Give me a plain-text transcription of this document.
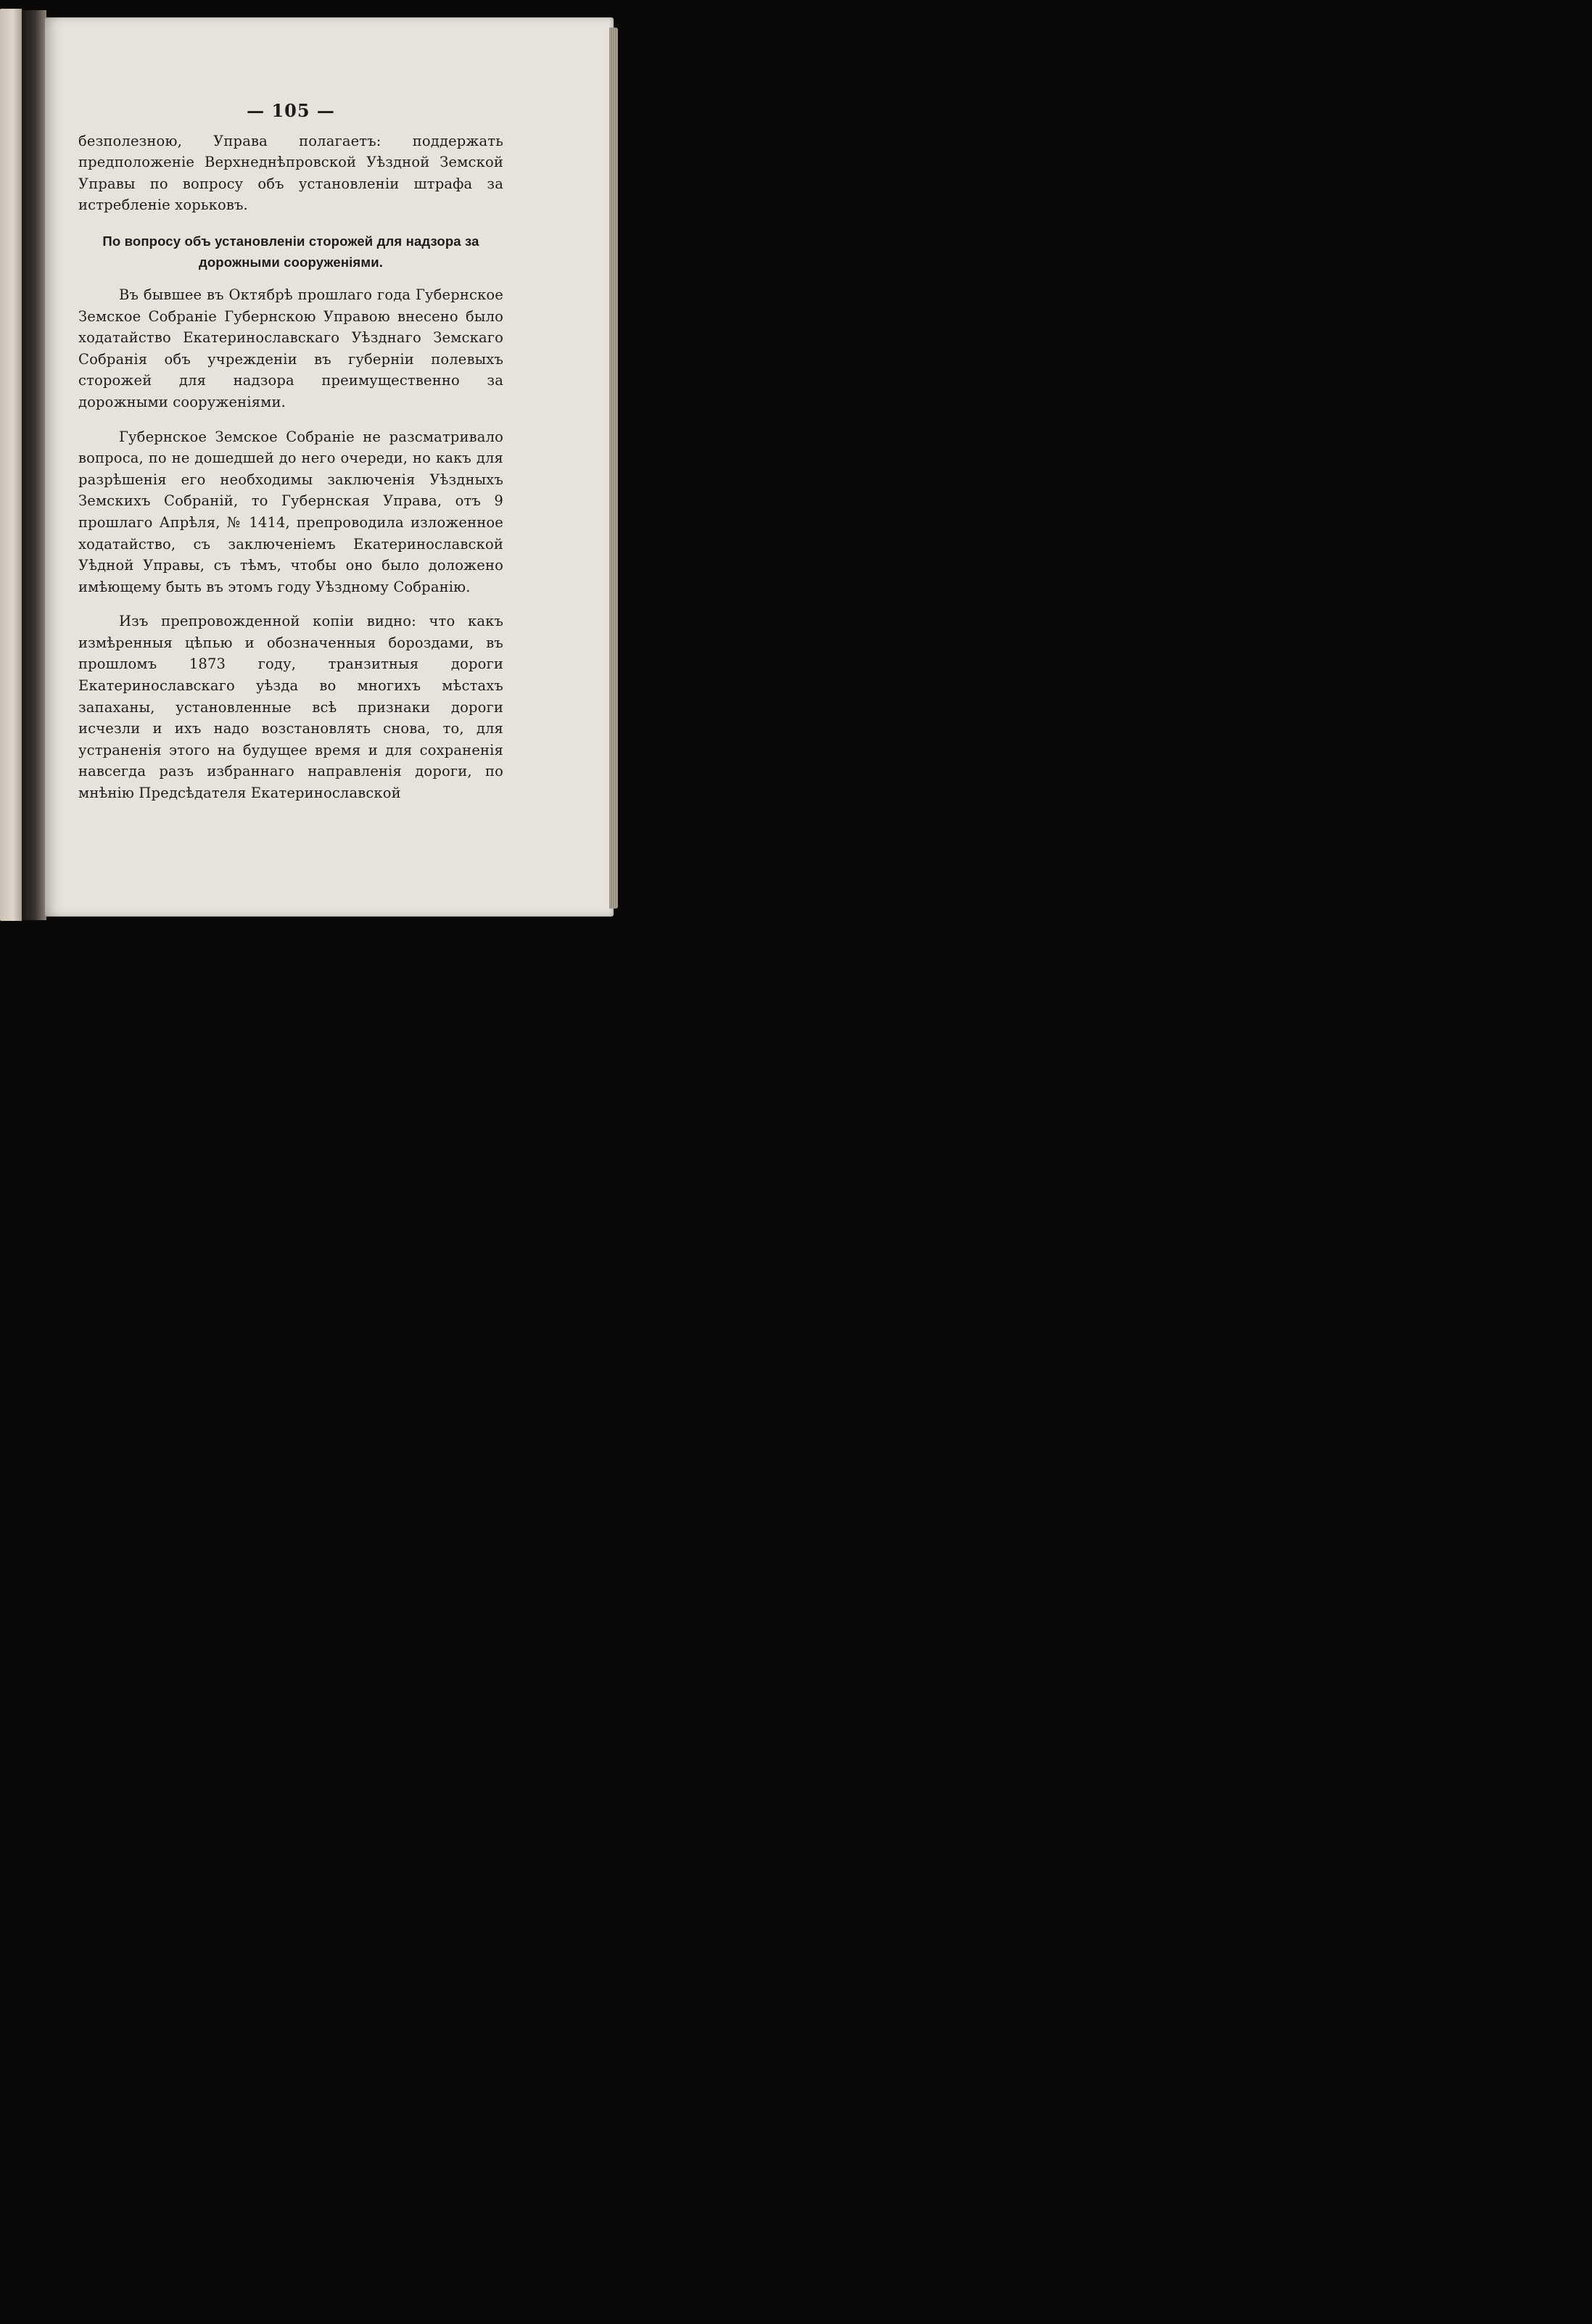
— 105 —

безполезною, Управа полагаетъ: поддержать предположеніе Верхнеднѣпровской Уѣздной Земской Управы по вопросу объ установленіи штрафа за истребленіе хорьковъ.

По вопросу объ установленіи сторожей для надзора за дорожными сооруженіями.

Въ бывшее въ Октябрѣ прошлаго года Губернское Земское Собраніе Губернскою Управою внесено было ходатайство Екатеринославскаго Уѣзднаго Земскаго Собранія объ учрежденіи въ губерніи полевыхъ сторожей для надзора преимущественно за дорожными сооруженіями.

Губернское Земское Собраніе не разсматривало вопроса, по не дошедшей до него очереди, но какъ для разрѣшенія его необходимы заключенія Уѣздныхъ Земскихъ Собраній, то Губернская Управа, отъ 9 прошлаго Апрѣля, № 1414, препроводила изложенное ходатайство, съ заключеніемъ Екатеринославской Уѣдной Управы, съ тѣмъ, чтобы оно было доложено имѣющему быть въ этомъ году Уѣздному Собранію.

Изъ препровожденной копіи видно: что какъ измѣренныя цѣпью и обозначенныя бороздами, въ прошломъ 1873 году, транзитныя дороги Екатеринославскаго уѣзда во многихъ мѣстахъ запаханы, установленные всѣ признаки дороги исчезли и ихъ надо возстановлять снова, то, для устраненія этого на будущее время и для сохраненія навсегда разъ избраннаго направленія дороги, по мнѣнію Предсѣдателя Екатеринославской
